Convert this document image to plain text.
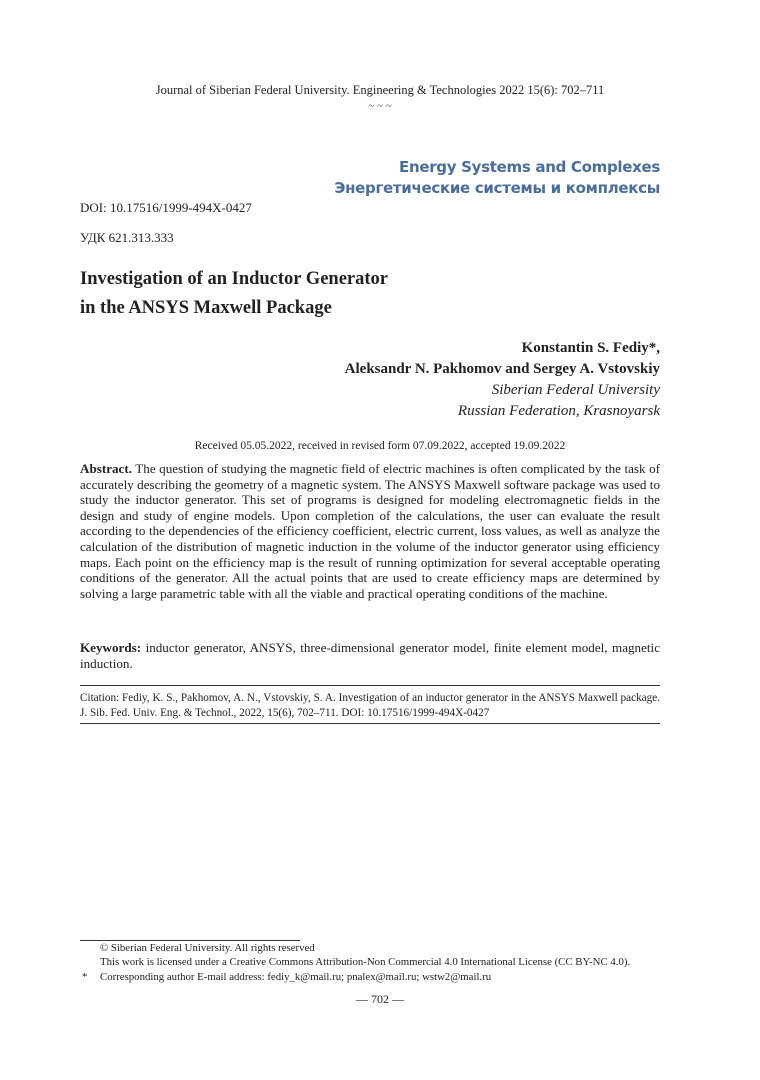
Journal of Siberian Federal University. Engineering & Technologies 2022 15(6): 702–711
~ ~ ~
Energy Systems and Complexes
Энергетические системы и комплексы
DOI: 10.17516/1999-494X-0427
УДК 621.313.333
Investigation of an Inductor Generator
in the ANSYS Maxwell Package
Konstantin S. Fediy*,
Aleksandr N. Pakhomov and Sergey A. Vstovskiy
Siberian Federal University
Russian Federation, Krasnoyarsk
Received 05.05.2022, received in revised form 07.09.2022, accepted 19.09.2022
Abstract. The question of studying the magnetic field of electric machines is often complicated by the task of accurately describing the geometry of a magnetic system. The ANSYS Maxwell software package was used to study the inductor generator. This set of programs is designed for modeling electromagnetic fields in the design and study of engine models. Upon completion of the calculations, the user can evaluate the result according to the dependencies of the efficiency coefficient, electric current, loss values, as well as analyze the calculation of the distribution of magnetic induction in the volume of the inductor generator using efficiency maps. Each point on the efficiency map is the result of running optimization for several acceptable operating conditions of the generator. All the actual points that are used to create efficiency maps are determined by solving a large parametric table with all the viable and practical operating conditions of the machine.
Keywords: inductor generator, ANSYS, three-dimensional generator model, finite element model, magnetic induction.
Citation: Fediy, K. S., Pakhomov, A. N., Vstovskiy, S. A. Investigation of an inductor generator in the ANSYS Maxwell package. J. Sib. Fed. Univ. Eng. & Technol., 2022, 15(6), 702–711. DOI: 10.17516/1999-494X-0427
© Siberian Federal University. All rights reserved
This work is licensed under a Creative Commons Attribution-Non Commercial 4.0 International License (CC BY-NC 4.0).
* Corresponding author E-mail address: fediy_k@mail.ru; pnalex@mail.ru; wstw2@mail.ru
— 702 —
